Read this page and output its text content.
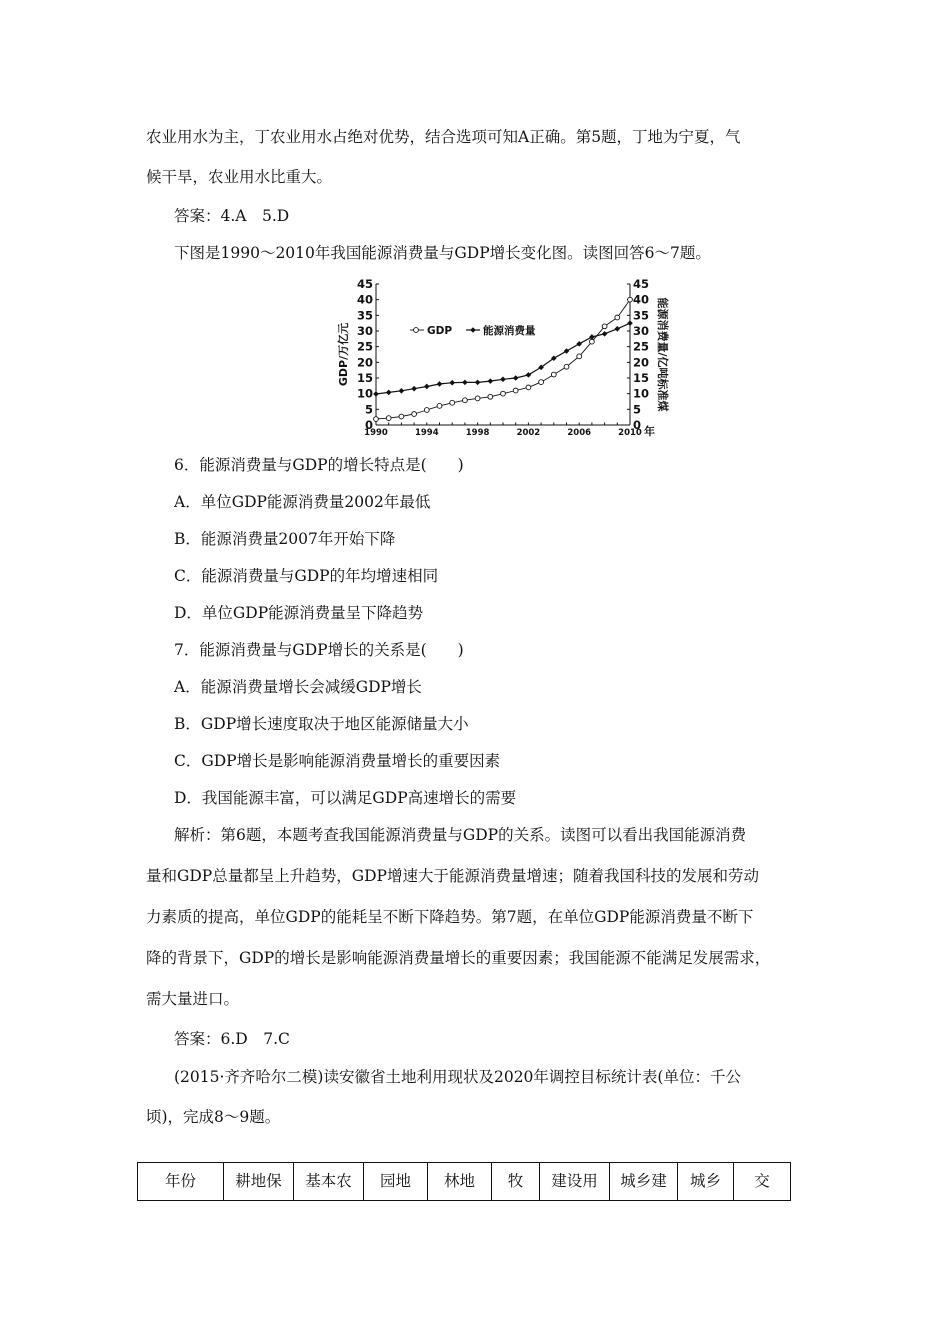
农业用水为主，丁农业用水占绝对优势，结合选项可知A正确。第5题，丁地为宁夏，气
候干旱，农业用水比重大。
答案：4.A　5.D
下图是1990～2010年我国能源消费量与GDP增长变化图。读图回答6～7题。
0	0
5	5
10	10
15	15
20	20
25	25
30	30
35	35
40	40
45	45
1990	1994	1998	2002	2006	2010 年
GDP/万亿元	能源消费量/亿吨标准煤
GDP	能源消费量
6．能源消费量与GDP的增长特点是(　　)
A．单位GDP能源消费量2002年最低
B．能源消费量2007年开始下降
C．能源消费量与GDP的年均增速相同
D．单位GDP能源消费量呈下降趋势
7．能源消费量与GDP增长的关系是(　　)
A．能源消费量增长会减缓GDP增长
B．GDP增长速度取决于地区能源储量大小
C．GDP增长是影响能源消费量增长的重要因素
D．我国能源丰富，可以满足GDP高速增长的需要
解析：第6题，本题考查我国能源消费量与GDP的关系。读图可以看出我国能源消费
量和GDP总量都呈上升趋势，GDP增速大于能源消费量增速；随着我国科技的发展和劳动
力素质的提高，单位GDP的能耗呈不断下降趋势。第7题，在单位GDP能源消费量不断下
降的背景下，GDP的增长是影响能源消费量增长的重要因素；我国能源不能满足发展需求，
需大量进口。
答案：6.D　7.C
(2015·齐齐哈尔二模)读安徽省土地利用现状及2020年调控目标统计表(单位：千公
顷)，完成8～9题。
年份	耕地保	基本农	园地	林地	牧	建设用	城乡建	城乡	交
